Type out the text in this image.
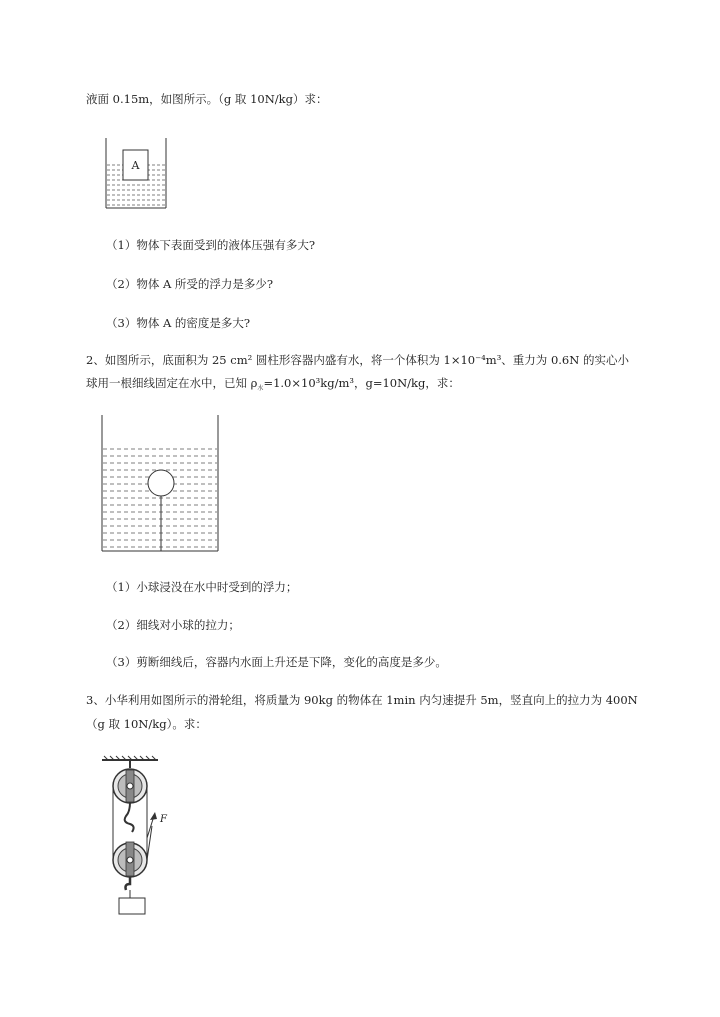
液面 0.15m，如图所示。（g 取 10N/kg）求：
A
（1）物体下表面受到的液体压强有多大?
（2）物体 A 所受的浮力是多少?
（3）物体 A 的密度是多大?
2、如图所示，底面积为 25 cm² 圆柱形容器内盛有水，将一个体积为 1×10⁻⁴m³、重力为 0.6N 的实心小
球用一根细线固定在水中，已知 $\rho_水=1.0\times 10^3kg/m^3$，g=10N/kg，求：
（1）小球浸没在水中时受到的浮力；
（2）细线对小球的拉力；
（3）剪断细线后，容器内水面上升还是下降，变化的高度是多少。
3、小华利用如图所示的滑轮组，将质量为 90kg 的物体在 1min 内匀速提升 5m，竖直向上的拉力为 400N
（g 取 10N/kg）。求：
F
